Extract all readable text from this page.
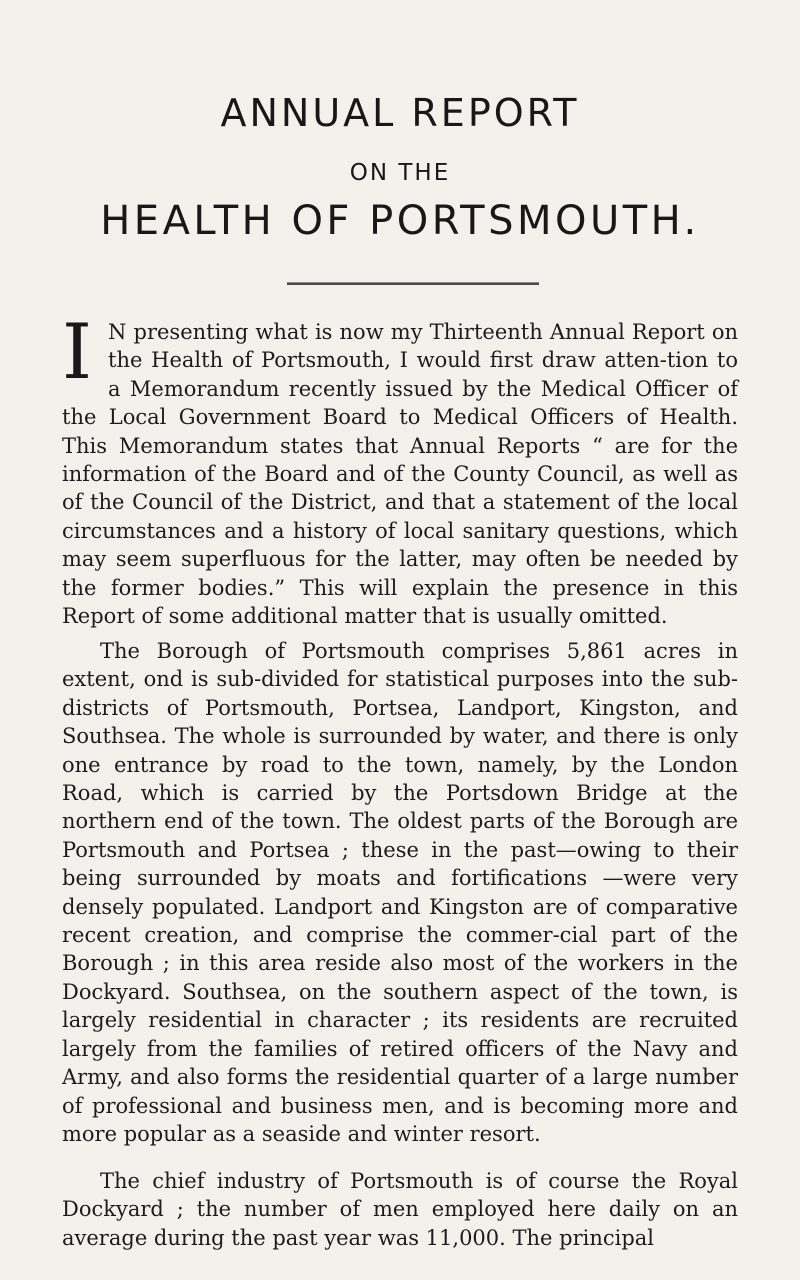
ANNUAL REPORT
ON THE
HEALTH OF PORTSMOUTH.

I N presenting what is now my Thirteenth Annual Report on the Health of Portsmouth, I would first draw atten-tion to a Memorandum recently issued by the Medical Officer of the Local Government Board to Medical Officers of Health. This Memorandum states that Annual Reports “ are for the information of the Board and of the County Council, as well as of the Council of the District, and that a statement of the local circumstances and a history of local sanitary questions, which may seem superfluous for the latter, may often be needed by the former bodies.” This will explain the presence in this Report of some additional matter that is usually omitted.

The Borough of Portsmouth comprises 5,861 acres in extent, ond is sub-divided for statistical purposes into the sub-districts of Portsmouth, Portsea, Landport, Kingston, and Southsea. The whole is surrounded by water, and there is only one entrance by road to the town, namely, by the London Road, which is carried by the Portsdown Bridge at the northern end of the town. The oldest parts of the Borough are Portsmouth and Portsea ; these in the past—owing to their being surrounded by moats and fortifications —were very densely populated. Landport and Kingston are of comparative recent creation, and comprise the commer-cial part of the Borough ; in this area reside also most of the workers in the Dockyard. Southsea, on the southern aspect of the town, is largely residential in character ; its residents are recruited largely from the families of retired officers of the Navy and Army, and also forms the residential quarter of a large number of professional and business men, and is becoming more and more popular as a seaside and winter resort.

The chief industry of Portsmouth is of course the Royal Dockyard ; the number of men employed here daily on an average during the past year was 11,000. The principal
